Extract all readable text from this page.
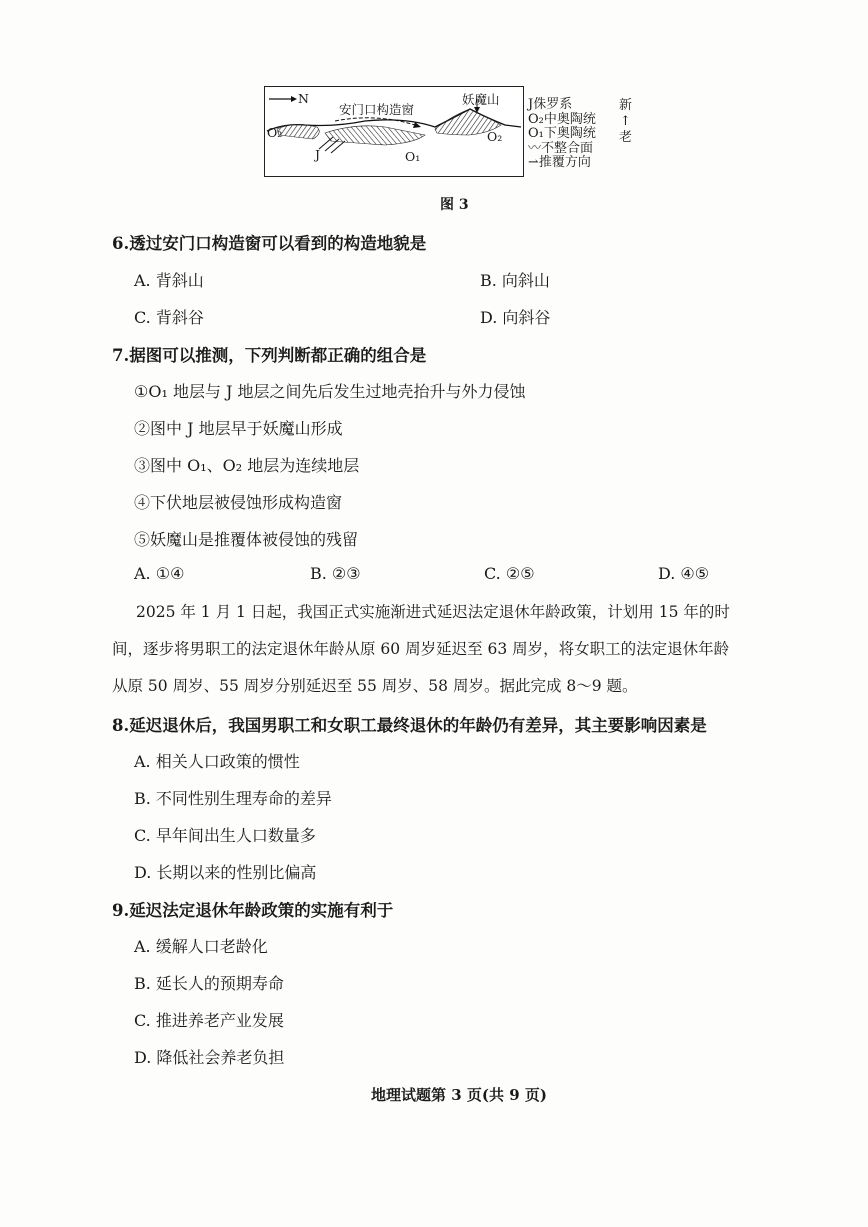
N
安门口构造窗
妖魔山
O₂
J	O₁
O₂
J侏罗系
O₂中奥陶统
O₁下奥陶统
〰不整合面
⇀推覆方向
新
↑
老
图 3
6.透过安门口构造窗可以看到的构造地貌是
A. 背斜山	B. 向斜山
C. 背斜谷	D. 向斜谷
7.据图可以推测，下列判断都正确的组合是
①O₁ 地层与 J 地层之间先后发生过地壳抬升与外力侵蚀
②图中 J 地层早于妖魔山形成
③图中 O₁、O₂ 地层为连续地层
④下伏地层被侵蚀形成构造窗
⑤妖魔山是推覆体被侵蚀的残留
A. ①④	B. ②③	C. ②⑤	D. ④⑤
2025 年 1 月 1 日起，我国正式实施渐进式延迟法定退休年龄政策，计划用 15 年的时
间，逐步将男职工的法定退休年龄从原 60 周岁延迟至 63 周岁，将女职工的法定退休年龄
从原 50 周岁、55 周岁分别延迟至 55 周岁、58 周岁。据此完成 8～9 题。
8.延迟退休后，我国男职工和女职工最终退休的年龄仍有差异，其主要影响因素是
A. 相关人口政策的惯性
B. 不同性别生理寿命的差异
C. 早年间出生人口数量多
D. 长期以来的性别比偏高
9.延迟法定退休年龄政策的实施有利于
A. 缓解人口老龄化
B. 延长人的预期寿命
C. 推进养老产业发展
D. 降低社会养老负担
地理试题第 3 页(共 9 页)
